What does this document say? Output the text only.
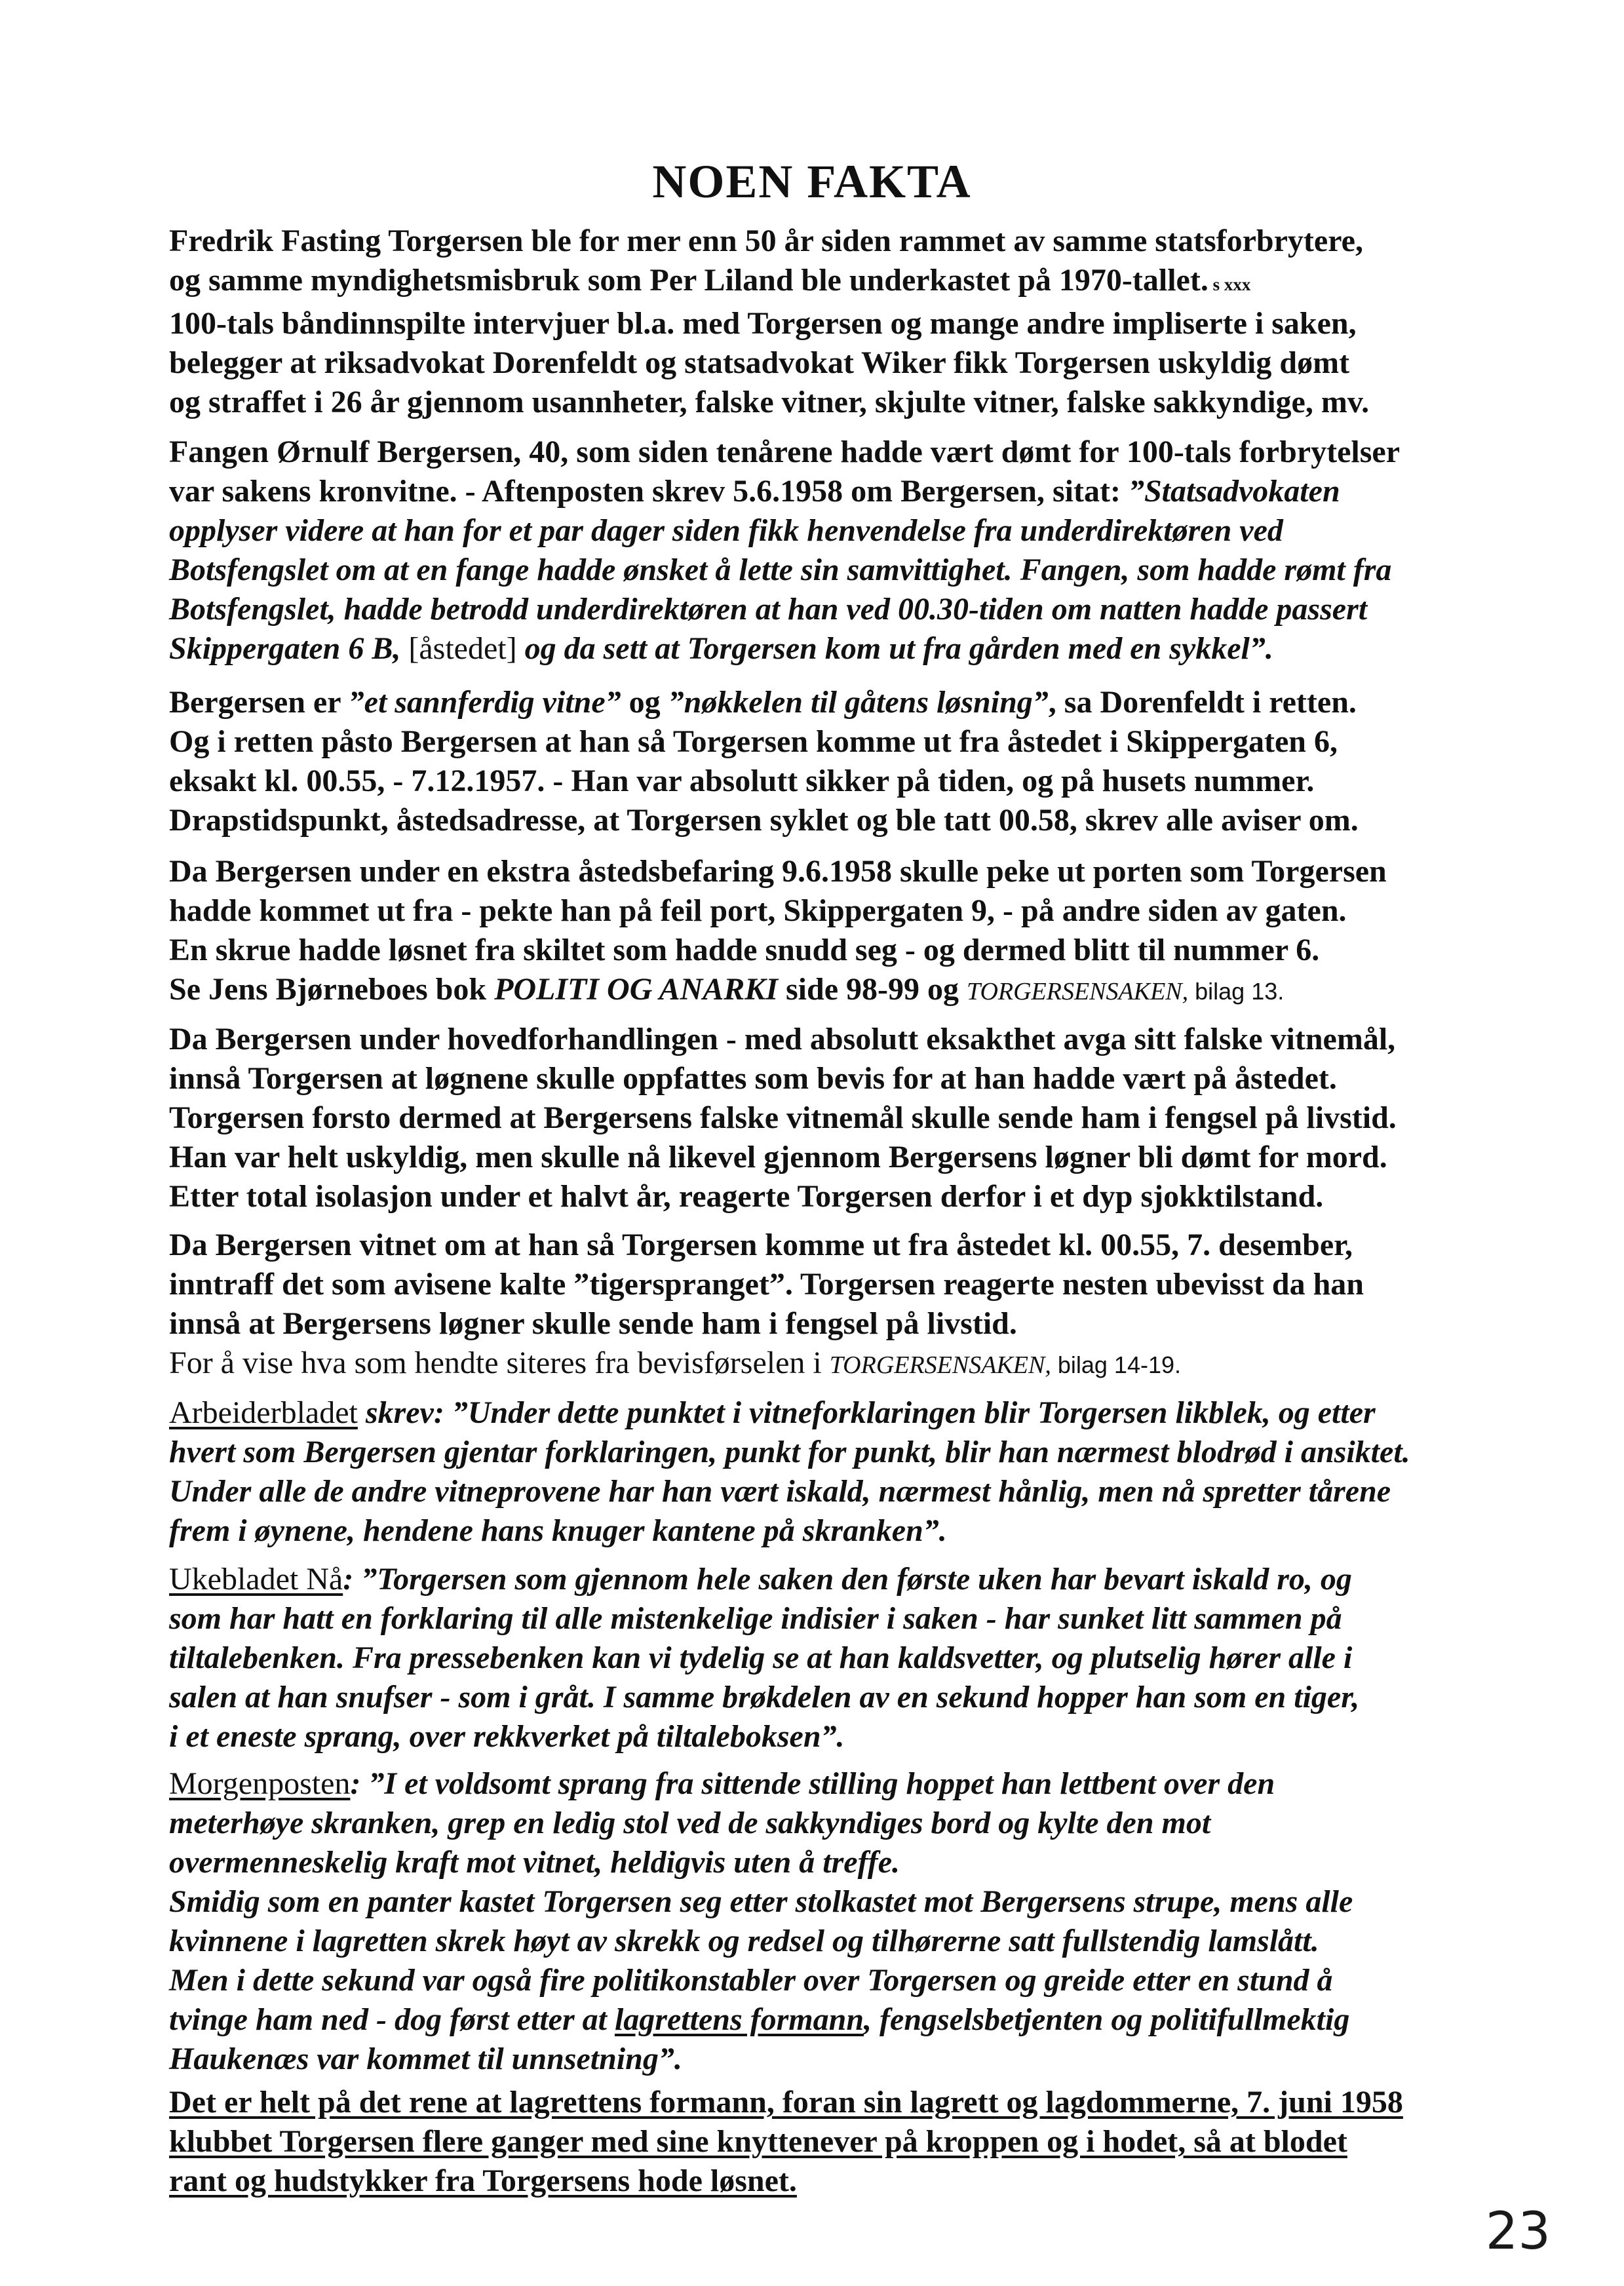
NOEN FAKTA
Fredrik Fasting Torgersen ble for mer enn 50 år siden rammet av samme statsforbrytere,
og samme myndighetsmisbruk som Per Liland ble underkastet på 1970-tallet. s xxx
100-tals båndinnspilte intervjuer bl.a. med Torgersen og mange andre impliserte i saken,
belegger at riksadvokat Dorenfeldt og statsadvokat Wiker fikk Torgersen uskyldig dømt
og straffet i 26 år gjennom usannheter, falske vitner, skjulte vitner, falske sakkyndige, mv.
Fangen Ørnulf Bergersen, 40, som siden tenårene hadde vært dømt for 100-tals forbrytelser
var sakens kronvitne. - Aftenposten skrev 5.6.1958 om Bergersen, sitat: ”Statsadvokaten
opplyser videre at han for et par dager siden fikk henvendelse fra underdirektøren ved
Botsfengslet om at en fange hadde ønsket å lette sin samvittighet. Fangen, som hadde rømt fra
Botsfengslet, hadde betrodd underdirektøren at han ved 00.30-tiden om natten hadde passert
Skippergaten 6 B, [åstedet] og da sett at Torgersen kom ut fra gården med en sykkel”.
Bergersen er ”et sannferdig vitne” og ”nøkkelen til gåtens løsning”, sa Dorenfeldt i retten.
Og i retten påsto Bergersen at han så Torgersen komme ut fra åstedet i Skippergaten 6,
eksakt kl. 00.55, - 7.12.1957. - Han var absolutt sikker på tiden, og på husets nummer.
Drapstidspunkt, åstedsadresse, at Torgersen syklet og ble tatt 00.58, skrev alle aviser om.
Da Bergersen under en ekstra åstedsbefaring 9.6.1958 skulle peke ut porten som Torgersen
hadde kommet ut fra - pekte han på feil port, Skippergaten 9, - på andre siden av gaten.
En skrue hadde løsnet fra skiltet som hadde snudd seg - og dermed blitt til nummer 6.
Se Jens Bjørneboes bok POLITI OG ANARKI side 98-99 og TORGERSENSAKEN, bilag 13.
Da Bergersen under hovedforhandlingen - med absolutt eksakthet avga sitt falske vitnemål,
innså Torgersen at løgnene skulle oppfattes som bevis for at han hadde vært på åstedet.
Torgersen forsto dermed at Bergersens falske vitnemål skulle sende ham i fengsel på livstid.
Han var helt uskyldig, men skulle nå likevel gjennom Bergersens løgner bli dømt for mord.
Etter total isolasjon under et halvt år, reagerte Torgersen derfor i et dyp sjokktilstand.
Da Bergersen vitnet om at han så Torgersen komme ut fra åstedet kl. 00.55, 7. desember,
inntraff det som avisene kalte ”tigerspranget”. Torgersen reagerte nesten ubevisst da han
innså at Bergersens løgner skulle sende ham i fengsel på livstid.
For å vise hva som hendte siteres fra bevisførselen i TORGERSENSAKEN, bilag 14-19.
Arbeiderbladet skrev: ”Under dette punktet i vitneforklaringen blir Torgersen likblek, og etter
hvert som Bergersen gjentar forklaringen, punkt for punkt, blir han nærmest blodrød i ansiktet.
Under alle de andre vitneprovene har han vært iskald, nærmest hånlig, men nå spretter tårene
frem i øynene, hendene hans knuger kantene på skranken”.
Ukebladet Nå: ”Torgersen som gjennom hele saken den første uken har bevart iskald ro, og
som har hatt en forklaring til alle mistenkelige indisier i saken - har sunket litt sammen på
tiltalebenken. Fra pressebenken kan vi tydelig se at han kaldsvetter, og plutselig hører alle i
salen at han snufser - som i gråt. I samme brøkdelen av en sekund hopper han som en tiger,
i et eneste sprang, over rekkverket på tiltaleboksen”.
Morgenposten: ”I et voldsomt sprang fra sittende stilling hoppet han lettbent over den
meterhøye skranken, grep en ledig stol ved de sakkyndiges bord og kylte den mot
overmenneskelig kraft mot vitnet, heldigvis uten å treffe.
Smidig som en panter kastet Torgersen seg etter stolkastet mot Bergersens strupe, mens alle
kvinnene i lagretten skrek høyt av skrekk og redsel og tilhørerne satt fullstendig lamslått.
Men i dette sekund var også fire politikonstabler over Torgersen og greide etter en stund å
tvinge ham ned - dog først etter at lagrettens formann, fengselsbetjenten og politifullmektig
Haukenæs var kommet til unnsetning”.
Det er helt på det rene at lagrettens formann, foran sin lagrett og lagdommerne, 7. juni 1958
klubbet Torgersen flere ganger med sine knyttenever på kroppen og i hodet, så at blodet
rant og hudstykker fra Torgersens hode løsnet.
23
